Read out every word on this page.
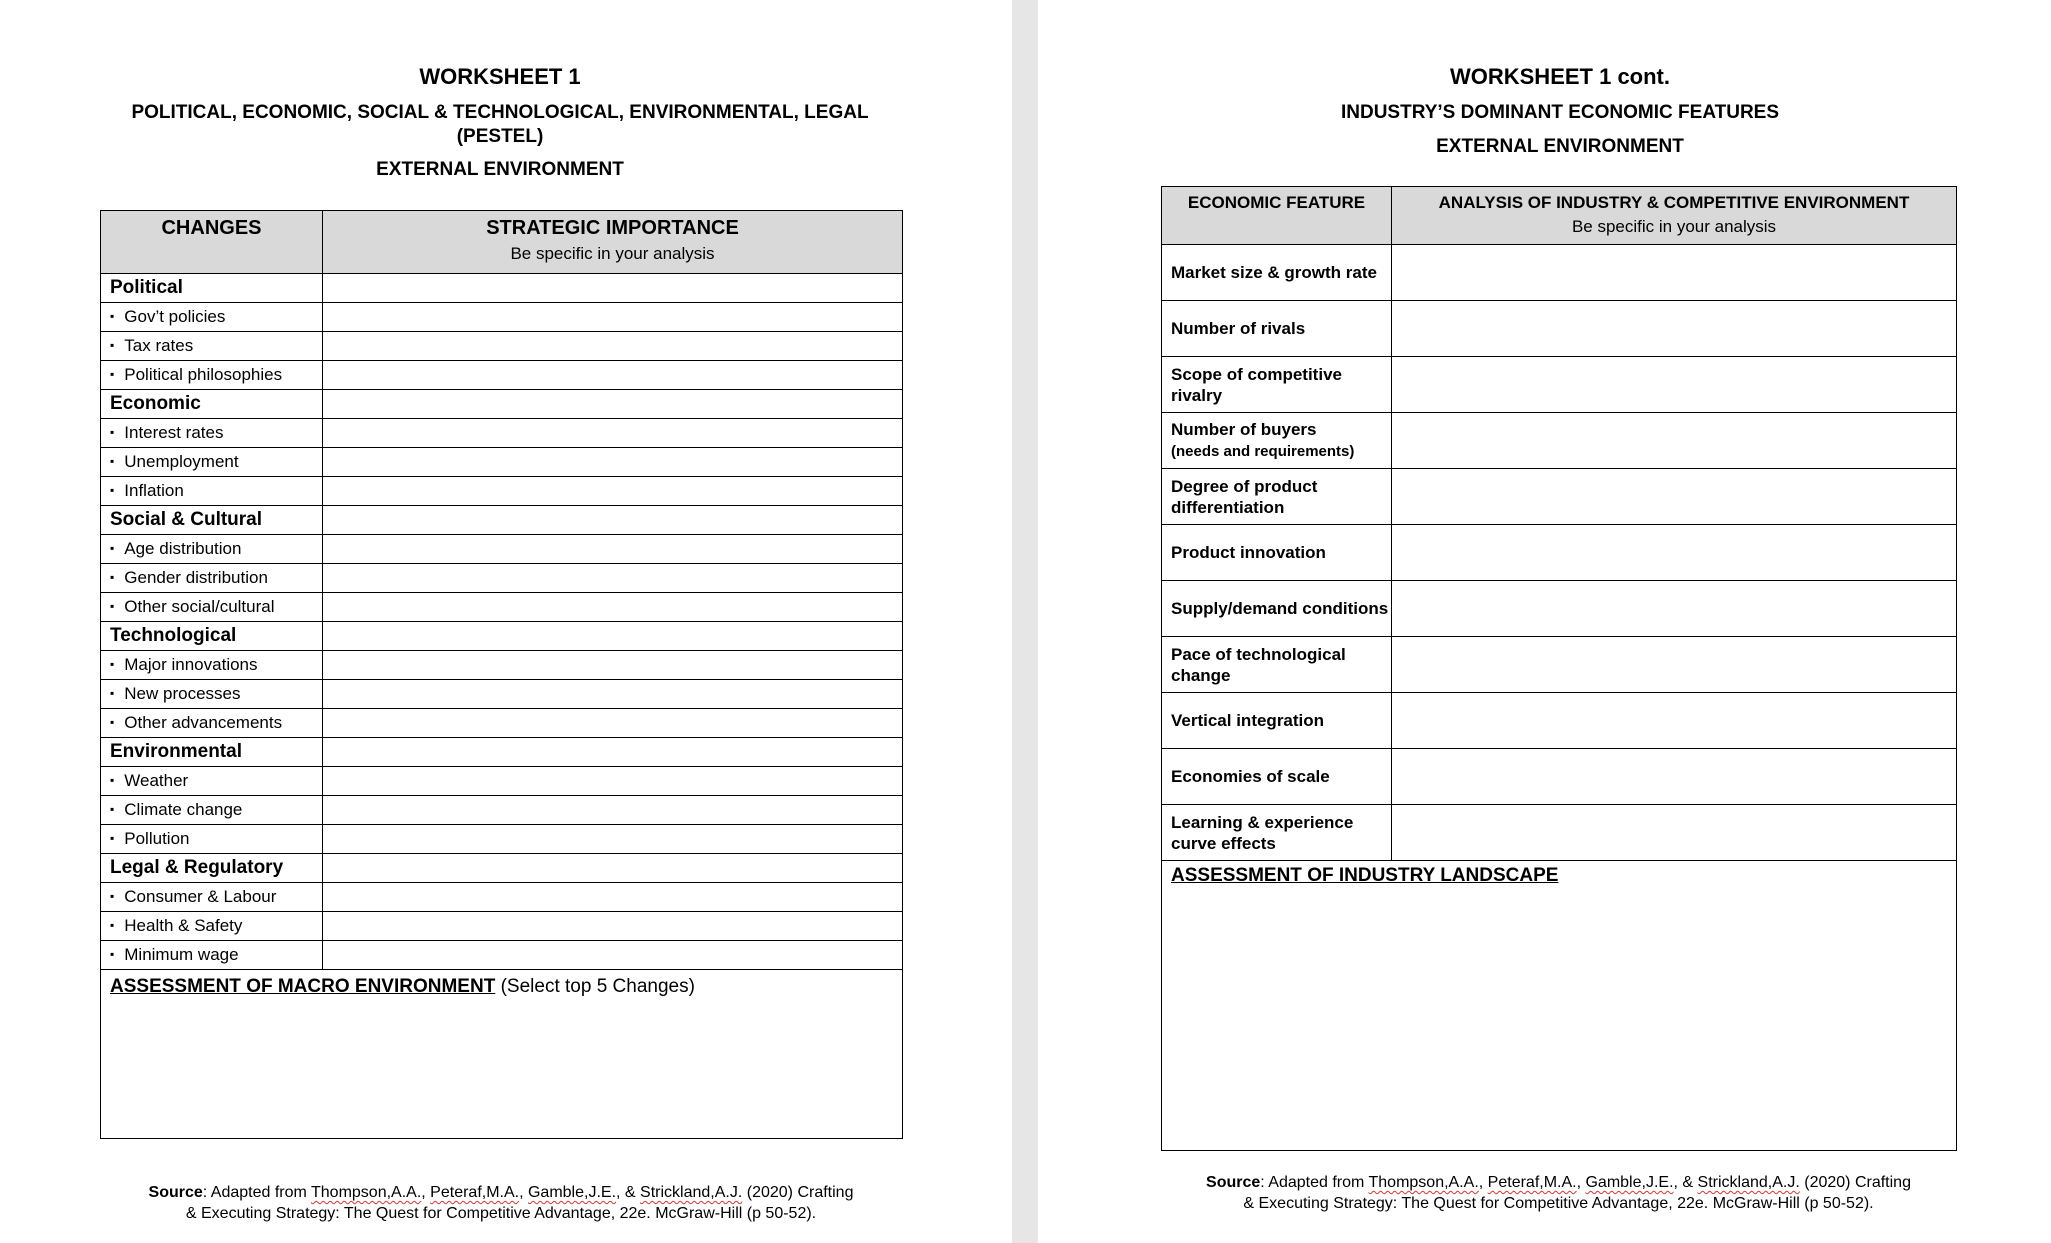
WORKSHEET 1

POLITICAL, ECONOMIC, SOCIAL & TECHNOLOGICAL, ENVIRONMENTAL, LEGAL (PESTEL)

EXTERNAL ENVIRONMENT

CHANGES	STRATEGIC IMPORTANCE
Be specific in your analysis

Political	
▪ Gov’t policies	
▪ Tax rates	
▪ Political philosophies	
Economic	
▪ Interest rates	
▪ Unemployment	
▪ Inflation	
Social & Cultural	
▪ Age distribution	
▪ Gender distribution	
▪ Other social/cultural	
Technological	
▪ Major innovations	
▪ New processes	
▪ Other advancements	
Environmental	
▪ Weather	
▪ Climate change	
▪ Pollution	
Legal & Regulatory	
▪ Consumer & Labour	
▪ Health & Safety	
▪ Minimum wage	
ASSESSMENT OF MACRO ENVIRONMENT (Select top 5 Changes)	

Source: Adapted from Thompson,A.A., Peteraf,M.A., Gamble,J.E., & Strickland,A.J. (2020) Crafting
& Executing Strategy: The Quest for Competitive Advantage, 22e. McGraw-Hill (p 50-52).

WORKSHEET 1 cont.

INDUSTRY’S DOMINANT ECONOMIC FEATURES

EXTERNAL ENVIRONMENT

ECONOMIC FEATURE	ANALYSIS OF INDUSTRY & COMPETITIVE ENVIRONMENT
Be specific in your analysis

Market size & growth rate	
Number of rivals	
Scope of competitive rivalry	
Number of buyers
(needs and requirements)	
Degree of product differentiation	
Product innovation	
Supply/demand conditions	
Pace of technological change	
Vertical integration	
Economies of scale	
Learning & experience curve effects	
ASSESSMENT OF INDUSTRY LANDSCAPE	

Source: Adapted from Thompson,A.A., Peteraf,M.A., Gamble,J.E., & Strickland,A.J. (2020) Crafting
& Executing Strategy: The Quest for Competitive Advantage, 22e. McGraw-Hill (p 50-52).
